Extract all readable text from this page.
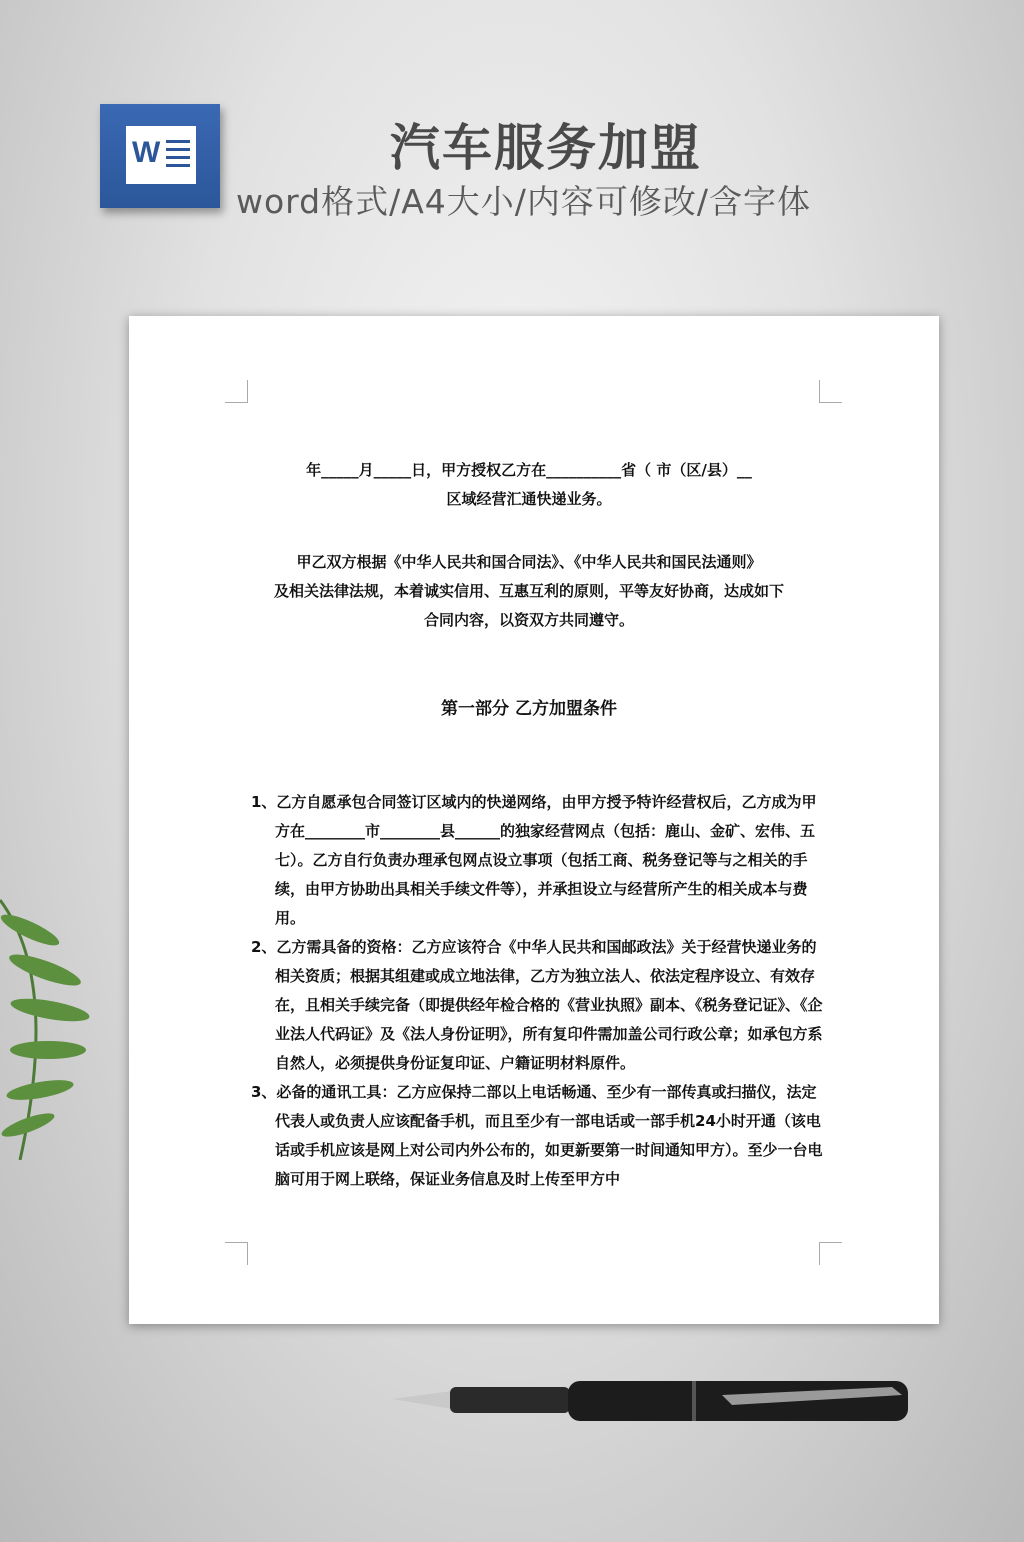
W	汽车服务加盟
word格式/A4大小/内容可修改/含字体
年_____月_____日，甲方授权乙方在__________省（ 市（区/县）__
区域经营汇通快递业务。

甲乙双方根据《中华人民共和国合同法》、《中华人民共和国民法通则》

及相关法律法规，本着诚实信用、互惠互利的原则，平等友好协商，达成如下

合同内容，以资双方共同遵守。

第一部分 乙方加盟条件

1、乙方自愿承包合同签订区域内的快递网络，由甲方授予特许经营权后，乙方成为甲方在________市________县______的独家经营网点（包括：鹿山、金矿、宏伟、五七）。乙方自行负责办理承包网点设立事项（包括工商、税务登记等与之相关的手续，由甲方协助出具相关手续文件等），并承担设立与经营所产生的相关成本与费用。

2、乙方需具备的资格：乙方应该符合《中华人民共和国邮政法》关于经营快递业务的相关资质；根据其组建或成立地法律，乙方为独立法人、依法定程序设立、有效存在，且相关手续完备（即提供经年检合格的《营业执照》副本、《税务登记证》、《企业法人代码证》及《法人身份证明》，所有复印件需加盖公司行政公章；如承包方系自然人，必须提供身份证复印证、户籍证明材料原件。

3、必备的通讯工具：乙方应保持二部以上电话畅通、至少有一部传真或扫描仪，法定代表人或负责人应该配备手机，而且至少有一部电话或一部手机24小时开通（该电话或手机应该是网上对公司内外公布的，如更新要第一时间通知甲方）。至少一台电脑可用于网上联络，保证业务信息及时上传至甲方中
